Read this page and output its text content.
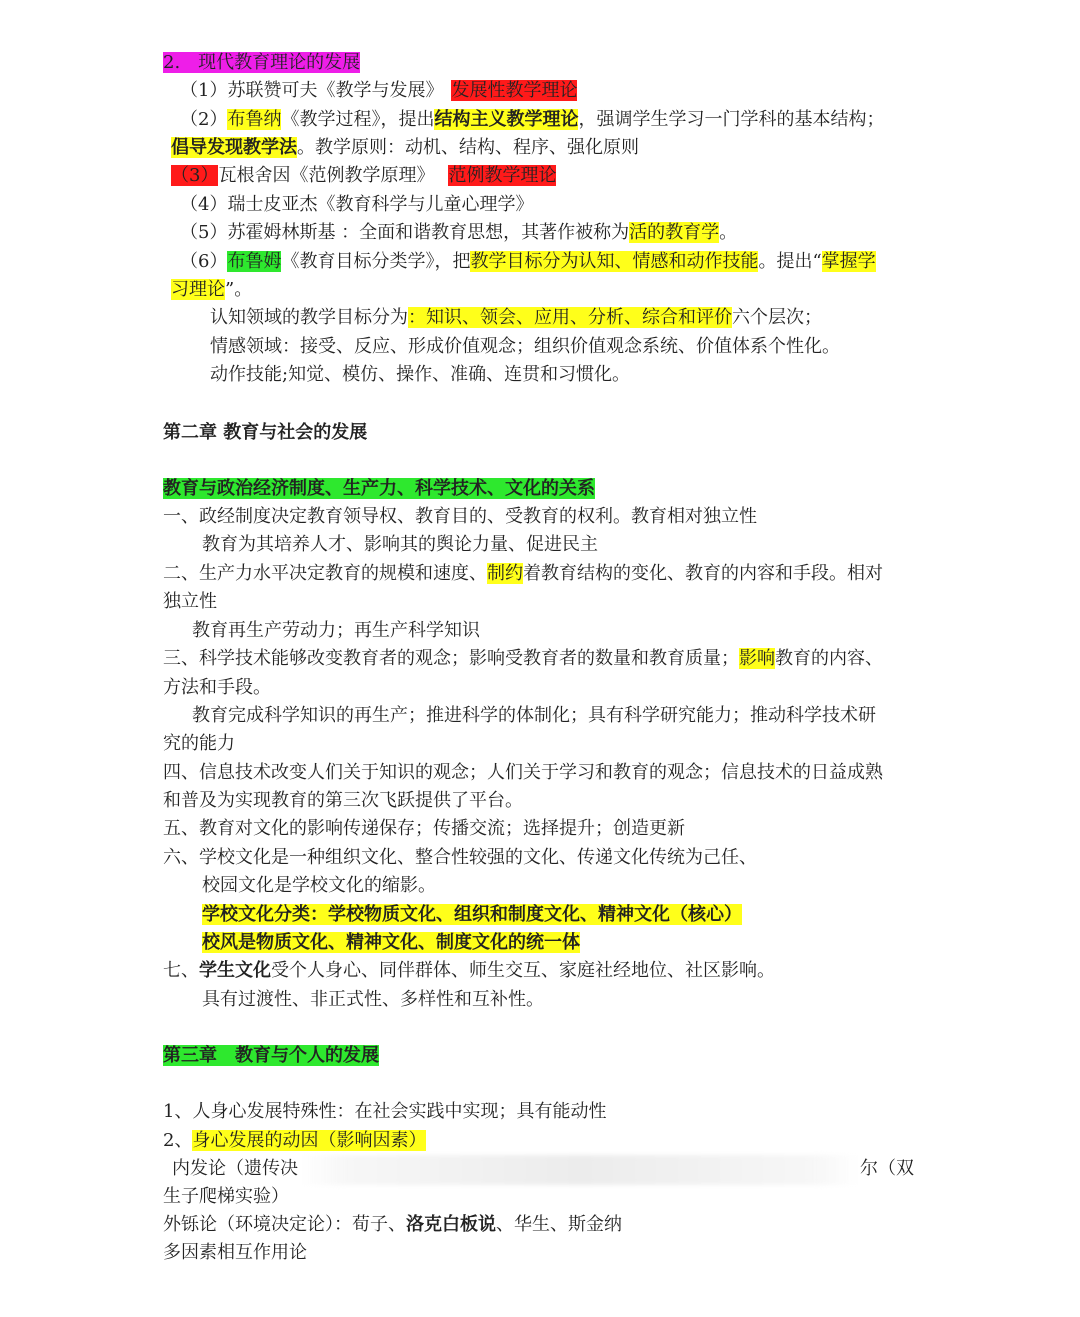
2.　现代教育理论的发展
（1）苏联赞可夫《教学与发展》 发展性教学理论
（2）布鲁纳《教学过程》，提出结构主义教学理论，强调学生学习一门学科的基本结构；
倡导发现教学法。教学原则：动机、结构、程序、强化原则
（3）瓦根舍因《范例教学原理》 范例教学理论
（4）瑞士皮亚杰《教育科学与儿童心理学》
（5）苏霍姆林斯基 ：全面和谐教育思想，其著作被称为活的教育学。
（6）布鲁姆《教育目标分类学》，把教学目标分为认知、情感和动作技能。提出“掌握学
习理论”。
认知领域的教学目标分为：知识、领会、应用、分析、综合和评价六个层次；
情感领域：接受、反应、形成价值观念；组织价值观念系统、价值体系个性化。
动作技能;知觉、模仿、操作、准确、连贯和习惯化。
第二章 教育与社会的发展
教育与政治经济制度、生产力、科学技术、文化的关系
一、政经制度决定教育领导权、教育目的、受教育的权利。教育相对独立性
教育为其培养人才、影响其的舆论力量、促进民主
二、生产力水平决定教育的规模和速度、制约着教育结构的变化、教育的内容和手段。相对
独立性
教育再生产劳动力；再生产科学知识
三、科学技术能够改变教育者的观念；影响受教育者的数量和教育质量；影响教育的内容、
方法和手段。
教育完成科学知识的再生产；推进科学的体制化；具有科学研究能力；推动科学技术研
究的能力
四、信息技术改变人们关于知识的观念；人们关于学习和教育的观念；信息技术的日益成熟
和普及为实现教育的第三次飞跃提供了平台。
五、教育对文化的影响传递保存；传播交流；选择提升；创造更新
六、学校文化是一种组织文化、整合性较强的文化、传递文化传统为己任、
校园文化是学校文化的缩影。
学校文化分类：学校物质文化、组织和制度文化、精神文化（核心）
校风是物质文化、精神文化、制度文化的统一体
七、学生文化受个人身心、同伴群体、师生交互、家庭社经地位、社区影响。
具有过渡性、非正式性、多样性和互补性。
第三章　教育与个人的发展
1、人身心发展特殊性：在社会实践中实现；具有能动性
2、身心发展的动因（影响因素）
内发论（遗传决	尔（双
生子爬梯实验）
外铄论（环境决定论）：荀子、洛克白板说、华生、斯金纳
多因素相互作用论
